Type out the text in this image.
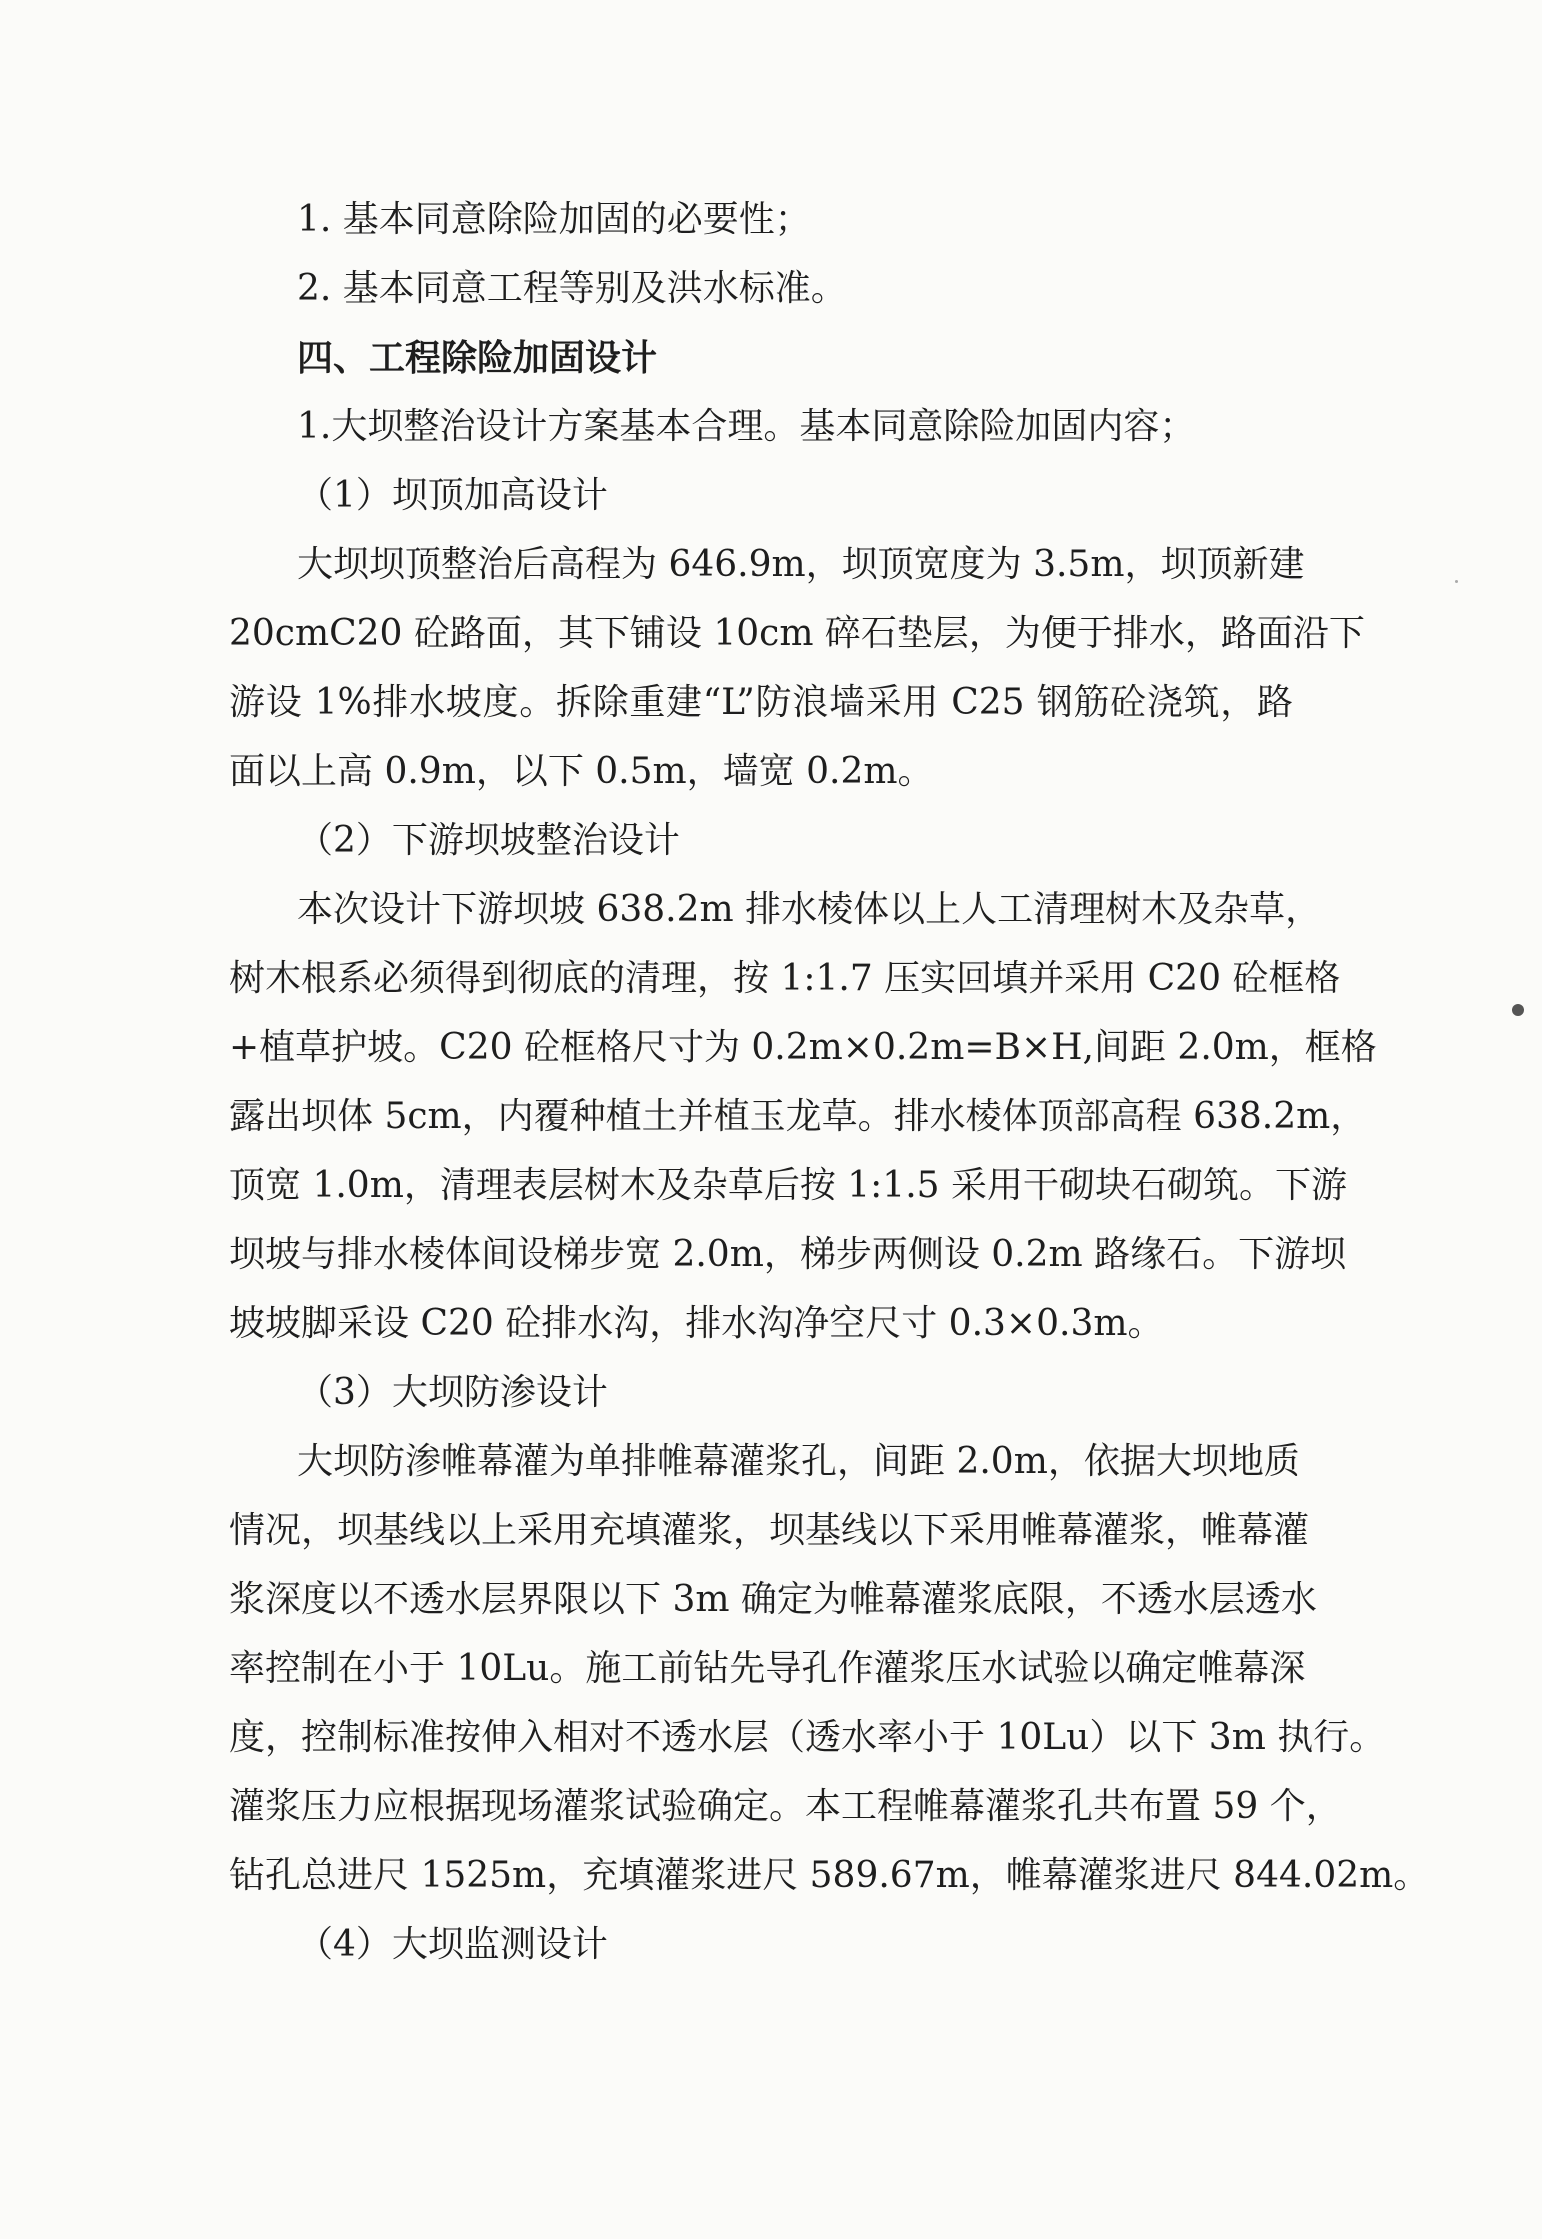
1. 基本同意除险加固的必要性；

2. 基本同意工程等别及洪水标准。

四、工程除险加固设计

1.大坝整治设计方案基本合理。基本同意除险加固内容；

（1）坝顶加高设计

大坝坝顶整治后高程为 646.9m，坝顶宽度为 3.5m，坝顶新建

20cmC20 砼路面，其下铺设 10cm 碎石垫层，为便于排水，路面沿下

游设 1%排水坡度。拆除重建“L”防浪墙采用 C25 钢筋砼浇筑，路

面以上高 0.9m，以下 0.5m，墙宽 0.2m。

（2）下游坝坡整治设计

本次设计下游坝坡 638.2m 排水棱体以上人工清理树木及杂草，

树木根系必须得到彻底的清理，按 1:1.7 压实回填并采用 C20 砼框格

+植草护坡。C20 砼框格尺寸为 0.2m×0.2m=B×H,间距 2.0m，框格

露出坝体 5cm，内覆种植土并植玉龙草。排水棱体顶部高程 638.2m，

顶宽 1.0m，清理表层树木及杂草后按 1:1.5 采用干砌块石砌筑。下游

坝坡与排水棱体间设梯步宽 2.0m，梯步两侧设 0.2m 路缘石。下游坝

坡坡脚采设 C20 砼排水沟，排水沟净空尺寸 0.3×0.3m。

（3）大坝防渗设计

大坝防渗帷幕灌为单排帷幕灌浆孔，间距 2.0m，依据大坝地质

情况，坝基线以上采用充填灌浆，坝基线以下采用帷幕灌浆，帷幕灌

浆深度以不透水层界限以下 3m 确定为帷幕灌浆底限，不透水层透水

率控制在小于 10Lu。施工前钻先导孔作灌浆压水试验以确定帷幕深

度，控制标准按伸入相对不透水层（透水率小于 10Lu）以下 3m 执行。

灌浆压力应根据现场灌浆试验确定。本工程帷幕灌浆孔共布置 59 个，

钻孔总进尺 1525m，充填灌浆进尺 589.67m，帷幕灌浆进尺 844.02m。

（4）大坝监测设计
